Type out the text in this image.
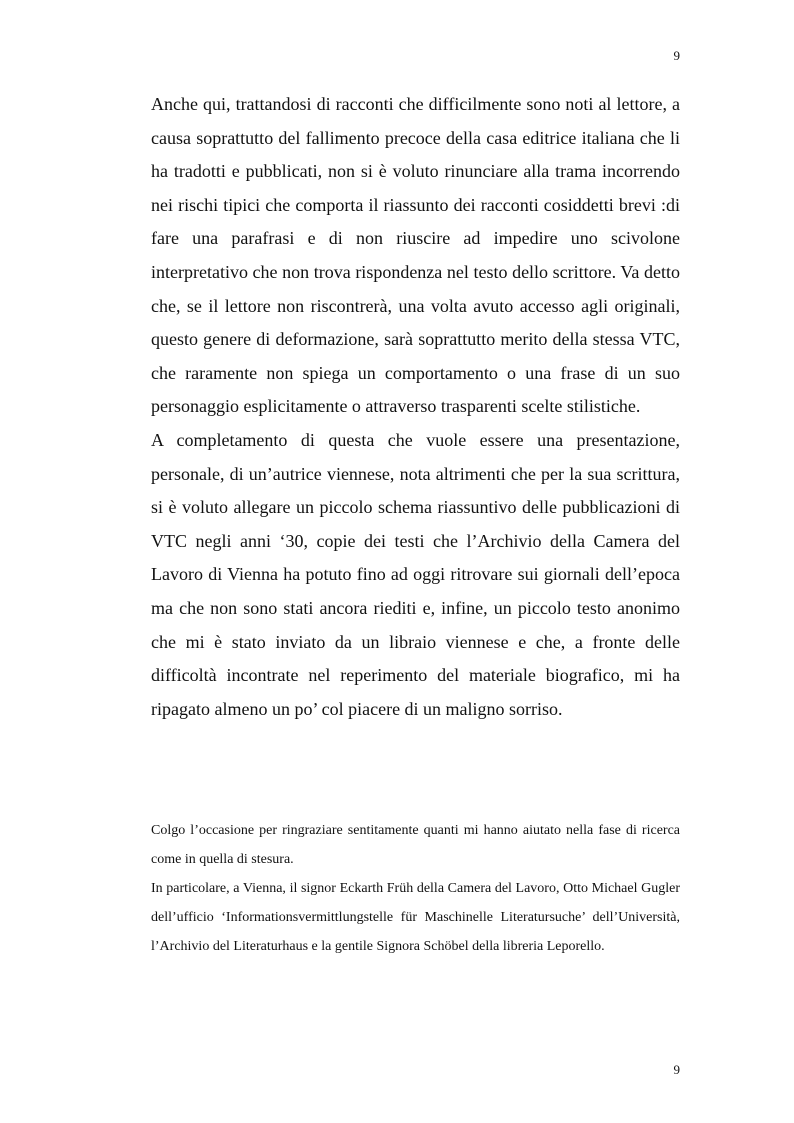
9

Anche qui, trattandosi di racconti che difficilmente sono noti al lettore, a causa soprattutto del fallimento precoce della casa editrice italiana che li ha tradotti e pubblicati, non si è voluto rinunciare alla trama incorrendo nei rischi tipici che comporta il riassunto dei racconti cosiddetti brevi :di fare una parafrasi e di non riuscire ad impedire uno scivolone interpretativo che non trova rispondenza nel testo dello scrittore. Va detto che, se il lettore non riscontrerà, una volta avuto accesso agli originali, questo genere di deformazione, sarà soprattutto merito della stessa VTC, che raramente non spiega un comportamento o una frase di un suo personaggio esplicitamente o attraverso trasparenti scelte stilistiche.

A completamento di questa che vuole essere una presentazione, personale, di un’autrice viennese, nota altrimenti che per la sua scrittura, si è voluto allegare un piccolo schema riassuntivo delle pubblicazioni di VTC negli anni ‘30, copie dei testi che l’Archivio della Camera del Lavoro di Vienna ha potuto fino ad oggi ritrovare sui giornali dell’epoca ma che non sono stati ancora riediti e, infine, un piccolo testo anonimo che mi è stato inviato da un libraio viennese e che, a fronte delle difficoltà incontrate nel reperimento del materiale biografico, mi ha ripagato almeno un po’ col piacere di un maligno sorriso.

Colgo l’occasione per ringraziare sentitamente quanti mi hanno aiutato nella fase di ricerca come in quella di stesura.

In particolare, a Vienna, il signor Eckarth Früh della Camera del Lavoro, Otto Michael Gugler dell’ufficio ‘Informationsvermittlungstelle für Maschinelle Literatursuche’ dell’Università, l’Archivio del Literaturhaus e la gentile Signora Schöbel della libreria Leporello.

9
